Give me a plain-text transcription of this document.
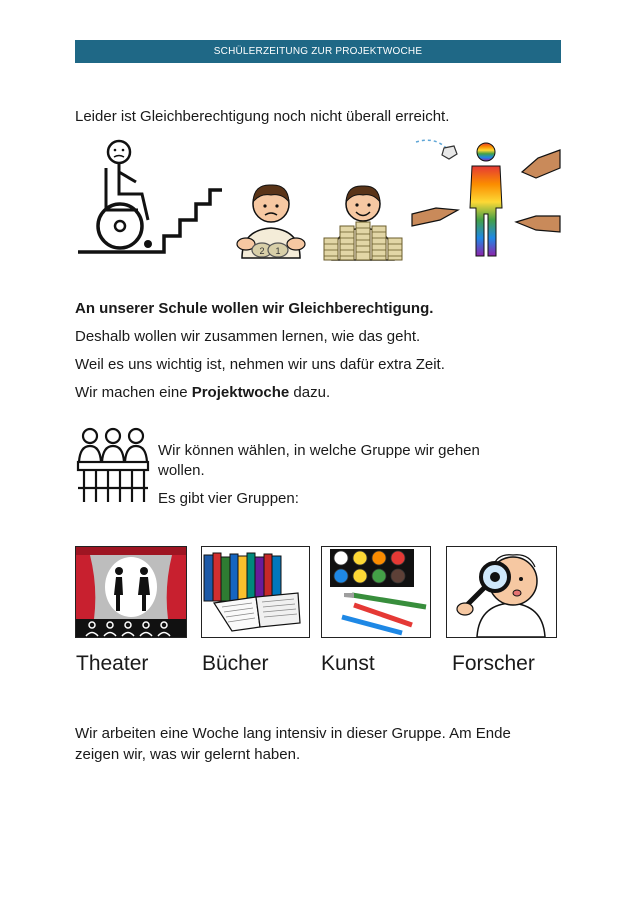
SCHÜLERZEITUNG ZUR PROJEKTWOCHE
Leider ist Gleichberechtigung noch nicht überall erreicht.
2 1
An unserer Schule wollen wir Gleichberechtigung.
Deshalb wollen wir zusammen lernen, wie das geht.
Weil es uns wichtig ist, nehmen wir uns dafür extra Zeit.
Wir machen eine Projektwoche dazu.
Wir können wählen, in welche Gruppe wir gehen
wollen.
Es gibt vier Gruppen:
Theater	Bücher Kunst	Forscher
Wir arbeiten eine Woche lang intensiv in dieser Gruppe. Am Ende
zeigen wir, was wir gelernt haben.
